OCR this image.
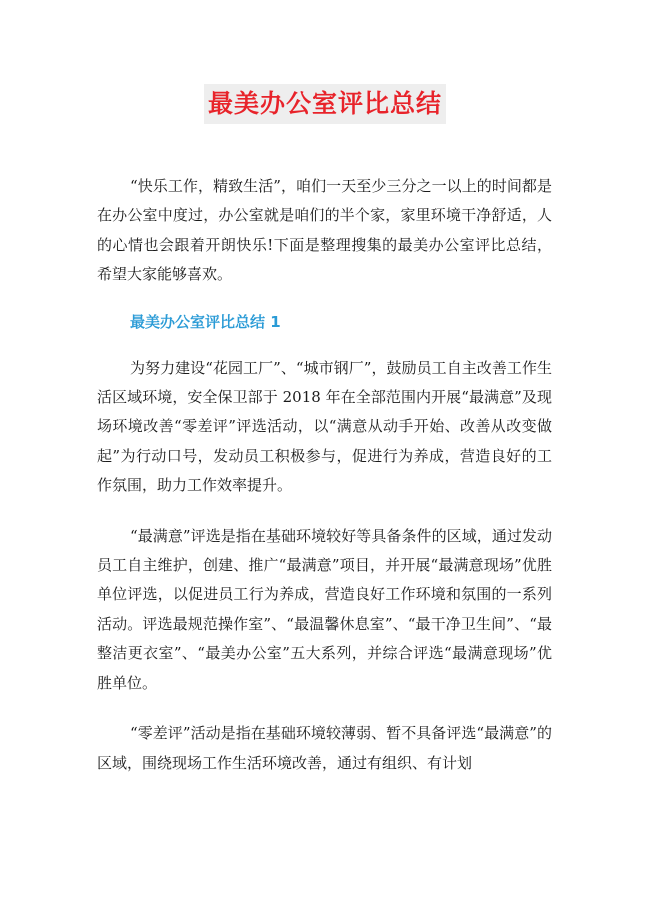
最美办公室评比总结

“快乐工作，精致生活”，咱们一天至少三分之一以上的时间都是在办公室中度过，办公室就是咱们的半个家，家里环境干净舒适，人的心情也会跟着开朗快乐!下面是整理搜集的最美办公室评比总结，希望大家能够喜欢。

最美办公室评比总结 1

为努力建设“花园工厂”、“城市钢厂”，鼓励员工自主改善工作生活区域环境，安全保卫部于 2018 年在全部范围内开展“最满意”及现场环境改善“零差评”评选活动，以“满意从动手开始、改善从改变做起”为行动口号，发动员工积极参与，促进行为养成，营造良好的工作氛围，助力工作效率提升。

“最满意”评选是指在基础环境较好等具备条件的区域，通过发动员工自主维护，创建、推广“最满意”项目，并开展“最满意现场”优胜单位评选，以促进员工行为养成，营造良好工作环境和氛围的一系列活动。评选最规范操作室”、“最温馨休息室”、“最干净卫生间”、“最整洁更衣室”、“最美办公室”五大系列，并综合评选“最满意现场”优胜单位。

“零差评”活动是指在基础环境较薄弱、暂不具备评选“最满意”的区域，围绕现场工作生活环境改善，通过有组织、有计划
